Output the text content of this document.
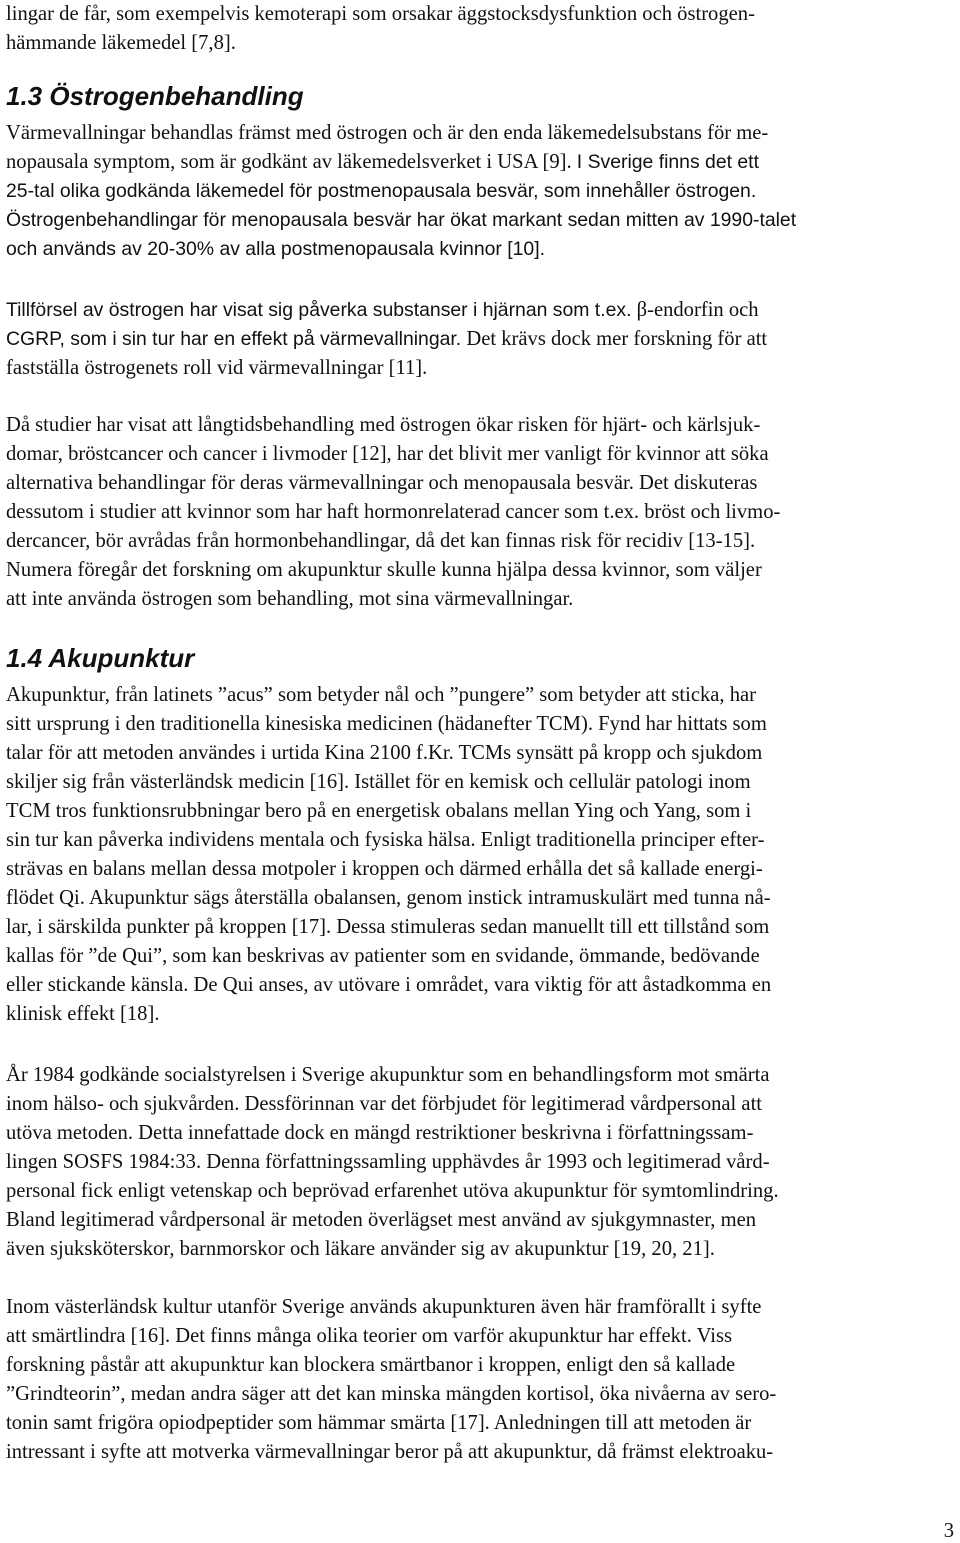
lingar de får, som exempelvis kemoterapi som orsakar äggstocksdysfunktion och östrogen-
hämmande läkemedel [7,8].
1.3 Östrogenbehandling
Värmevallningar behandlas främst med östrogen och är den enda läkemedelsubstans för me-
nopausala symptom, som är godkänt av läkemedelsverket i USA [9]. I Sverige finns det ett
25-tal olika godkända läkemedel för postmenopausala besvär, som innehåller östrogen.
Östrogenbehandlingar för menopausala besvär har ökat markant sedan mitten av 1990-talet
och används av 20-30% av alla postmenopausala kvinnor [10].
Tillförsel av östrogen har visat sig påverka substanser i hjärnan som t.ex. β-endorfin och
CGRP, som i sin tur har en effekt på värmevallningar. Det krävs dock mer forskning för att
fastställa östrogenets roll vid värmevallningar [11].
Då studier har visat att långtidsbehandling med östrogen ökar risken för hjärt- och kärlsjuk-
domar, bröstcancer och cancer i livmoder [12], har det blivit mer vanligt för kvinnor att söka
alternativa behandlingar för deras värmevallningar och menopausala besvär. Det diskuteras
dessutom i studier att kvinnor som har haft hormonrelaterad cancer som t.ex. bröst och livmo-
dercancer, bör avrådas från hormonbehandlingar, då det kan finnas risk för recidiv [13-15].
Numera föregår det forskning om akupunktur skulle kunna hjälpa dessa kvinnor, som väljer
att inte använda östrogen som behandling, mot sina värmevallningar.
1.4 Akupunktur
Akupunktur, från latinets ”acus” som betyder nål och ”pungere” som betyder att sticka, har
sitt ursprung i den traditionella kinesiska medicinen (hädanefter TCM). Fynd har hittats som
talar för att metoden användes i urtida Kina 2100 f.Kr. TCMs synsätt på kropp och sjukdom
skiljer sig från västerländsk medicin [16]. Istället för en kemisk och cellulär patologi inom
TCM tros funktionsrubbningar bero på en energetisk obalans mellan Ying och Yang, som i
sin tur kan påverka individens mentala och fysiska hälsa. Enligt traditionella principer efter-
strävas en balans mellan dessa motpoler i kroppen och därmed erhålla det så kallade energi-
flödet Qi. Akupunktur sägs återställa obalansen, genom instick intramuskulärt med tunna nå-
lar, i särskilda punkter på kroppen [17]. Dessa stimuleras sedan manuellt till ett tillstånd som
kallas för ”de Qui”, som kan beskrivas av patienter som en svidande, ömmande, bedövande
eller stickande känsla. De Qui anses, av utövare i området, vara viktig för att åstadkomma en
klinisk effekt [18].
År 1984 godkände socialstyrelsen i Sverige akupunktur som en behandlingsform mot smärta
inom hälso- och sjukvården. Dessförinnan var det förbjudet för legitimerad vårdpersonal att
utöva metoden. Detta innefattade dock en mängd restriktioner beskrivna i författningssam-
lingen SOSFS 1984:33. Denna författningssamling upphävdes år 1993 och legitimerad vård-
personal fick enligt vetenskap och beprövad erfarenhet utöva akupunktur för symtomlindring.
Bland legitimerad vårdpersonal är metoden överlägset mest använd av sjukgymnaster, men
även sjuksköterskor, barnmorskor och läkare använder sig av akupunktur [19, 20, 21].
Inom västerländsk kultur utanför Sverige används akupunkturen även här framförallt i syfte
att smärtlindra [16]. Det finns många olika teorier om varför akupunktur har effekt. Viss
forskning påstår att akupunktur kan blockera smärtbanor i kroppen, enligt den så kallade
”Grindteorin”, medan andra säger att det kan minska mängden kortisol, öka nivåerna av sero-
tonin samt frigöra opiodpeptider som hämmar smärta [17]. Anledningen till att metoden är
intressant i syfte att motverka värmevallningar beror på att akupunktur, då främst elektroaku-
3
